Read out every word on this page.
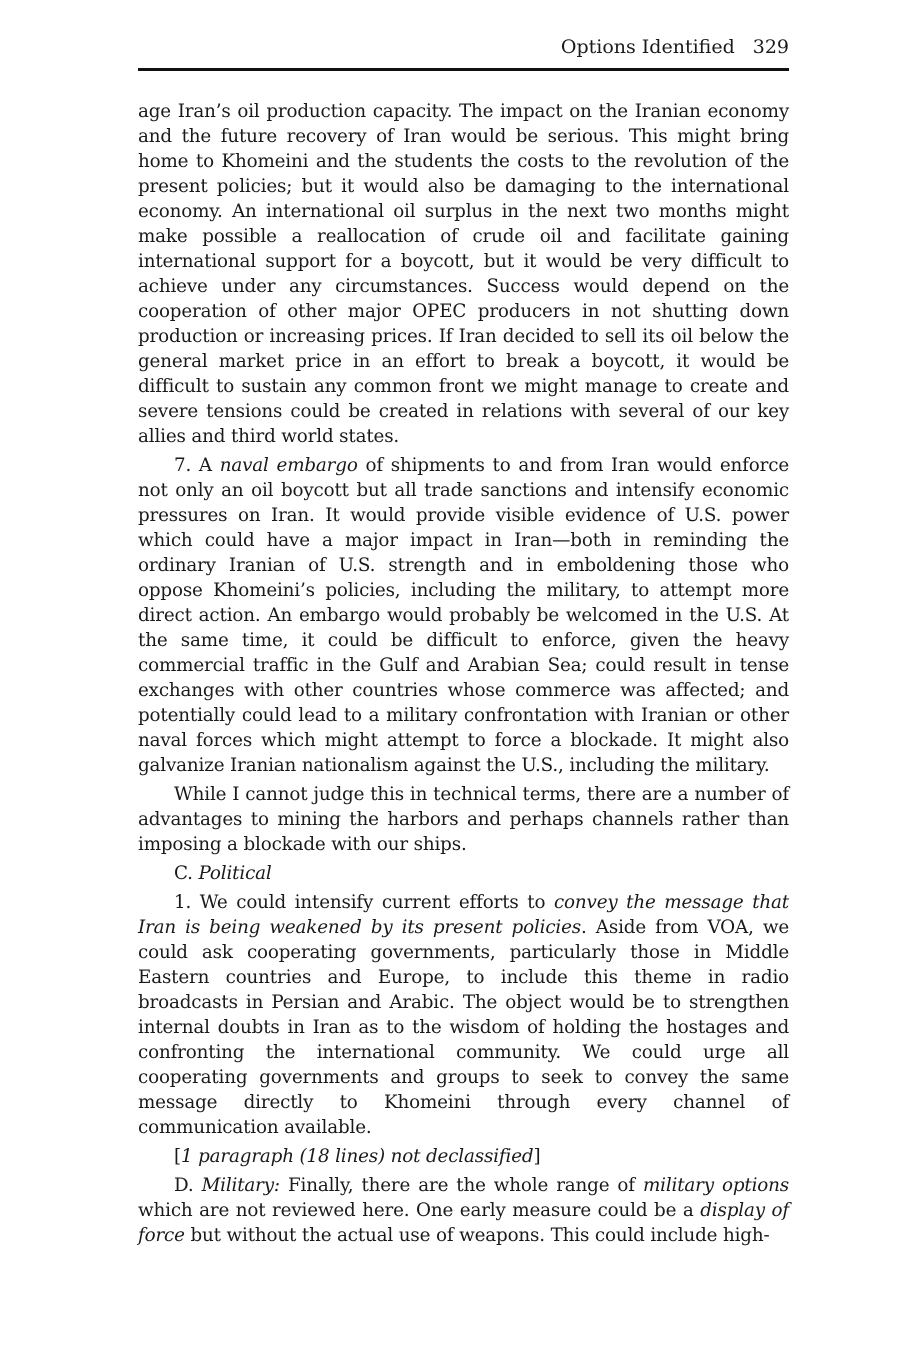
Options Identified 329

age Iran’s oil production capacity. The impact on the Iranian economy and the future recovery of Iran would be serious. This might bring home to Khomeini and the students the costs to the revolution of the present policies; but it would also be damaging to the international economy. An international oil surplus in the next two months might make possible a reallocation of crude oil and facilitate gaining international support for a boycott, but it would be very difficult to achieve under any circumstances. Success would depend on the cooperation of other major OPEC producers in not shutting down production or increasing prices. If Iran decided to sell its oil below the general market price in an effort to break a boycott, it would be difficult to sustain any common front we might manage to create and severe tensions could be created in relations with several of our key allies and third world states.

7. A naval embargo of shipments to and from Iran would enforce not only an oil boycott but all trade sanctions and intensify economic pressures on Iran. It would provide visible evidence of U.S. power which could have a major impact in Iran—both in reminding the ordinary Iranian of U.S. strength and in emboldening those who oppose Khomeini’s policies, including the military, to attempt more direct action. An embargo would probably be welcomed in the U.S. At the same time, it could be difficult to enforce, given the heavy commercial traffic in the Gulf and Arabian Sea; could result in tense exchanges with other countries whose commerce was affected; and potentially could lead to a military confrontation with Iranian or other naval forces which might attempt to force a blockade. It might also galvanize Iranian nationalism against the U.S., including the military.

While I cannot judge this in technical terms, there are a number of advantages to mining the harbors and perhaps channels rather than imposing a blockade with our ships.

C. Political

1. We could intensify current efforts to convey the message that Iran is being weakened by its present policies. Aside from VOA, we could ask cooperating governments, particularly those in Middle Eastern countries and Europe, to include this theme in radio broadcasts in Persian and Arabic. The object would be to strengthen internal doubts in Iran as to the wisdom of holding the hostages and confronting the international community. We could urge all cooperating governments and groups to seek to convey the same message directly to Khomeini through every channel of communication available.

[1 paragraph (18 lines) not declassified]

D. Military: Finally, there are the whole range of military options which are not reviewed here. One early measure could be a display of force but without the actual use of weapons. This could include high-
